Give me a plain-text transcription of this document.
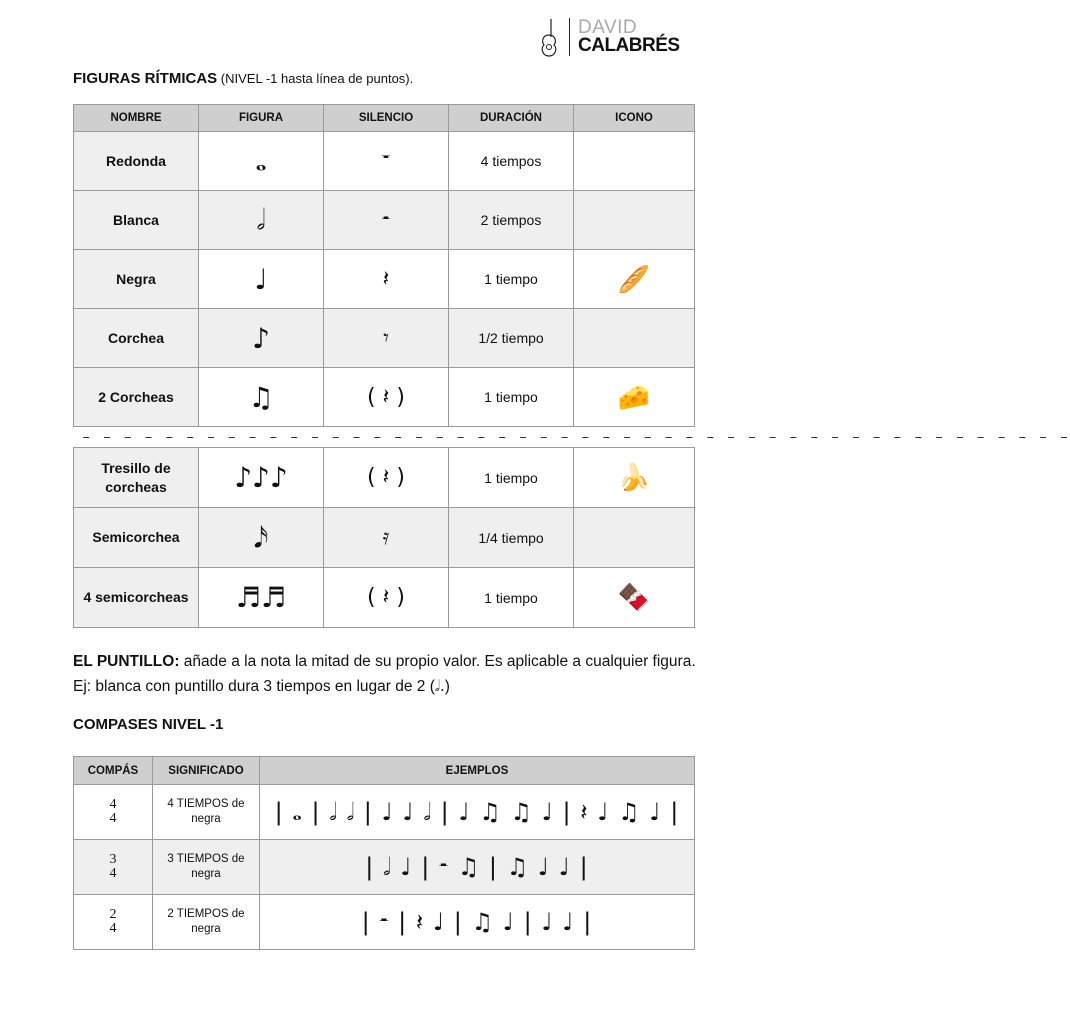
DAVID
CALABRÉS
FIGURAS RÍTMICAS (NIVEL -1 hasta línea de puntos).
NOMBRE	FIGURA	SILENCIO	DURACIÓN	ICONO
Redonda	𝅝	𝄻	4 tiempos	
Blanca	𝅗𝅥	𝄼	2 tiempos	
Negra	♩	𝄽	1 tiempo	🥖
Corchea	♪	𝄾	1/2 tiempo	
2 Corcheas	♫	( 𝄽 )	1 tiempo	🧀
– – – – – – – – – – – – – – – – – – – – – – – – – – – – – – – – – – – – – – – – – – – – – – – –
Tresillo de corcheas	♪♪♪	( 𝄽 )	1 tiempo	🍌
Semicorchea	𝅘𝅥𝅯	𝄿	1/4 tiempo	
4 semicorcheas	♬♬	( 𝄽 )	1 tiempo	🍫
EL PUNTILLO: añade a la nota la mitad de su propio valor. Es aplicable a cualquier figura. Ej: blanca con puntillo dura 3 tiempos en lugar de 2 (𝅗𝅥.)
COMPASES NIVEL -1
COMPÁS	SIGNIFICADO	EJEMPLOS

4
4	4 TIEMPOS de negra	| 𝅝 | 𝅗𝅥 𝅗𝅥 | ♩ ♩ 𝅗𝅥 | ♩ ♫ ♫ ♩ | 𝄽 ♩ ♫ ♩ |

3
4	3 TIEMPOS de negra	| 𝅗𝅥 ♩ | 𝄼 ♫ | ♫ ♩ ♩ |

2
4	2 TIEMPOS de negra	| 𝄼 | 𝄽 ♩ | ♫ ♩ | ♩ ♩ |
